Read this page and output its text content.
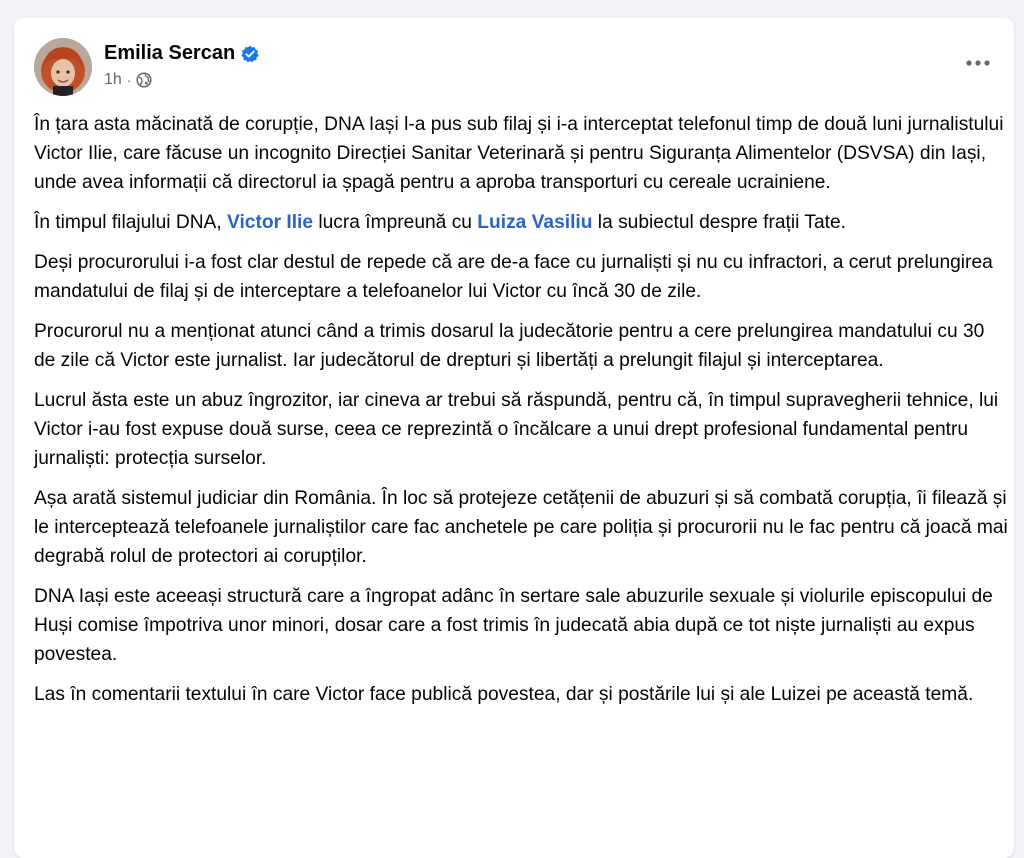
Emilia Sercan
1h ·

În țara asta măcinată de corupție, DNA Iași l-a pus sub filaj și i-a interceptat telefonul timp de două luni jurnalistului Victor Ilie, care făcuse un incognito Direcției Sanitar Veterinară și pentru Siguranța Alimentelor (DSVSA) din Iași, unde avea informații că directorul ia șpagă pentru a aproba transporturi cu cereale ucrainiene.

În timpul filajului DNA, Victor Ilie lucra împreună cu Luiza Vasiliu la subiectul despre frații Tate.

Deși procurorului i-a fost clar destul de repede că are de-a face cu jurnaliști și nu cu infractori, a cerut prelungirea mandatului de filaj și de interceptare a telefoanelor lui Victor cu încă 30 de zile.

Procurorul nu a menționat atunci când a trimis dosarul la judecătorie pentru a cere prelungirea mandatului cu 30 de zile că Victor este jurnalist. Iar judecătorul de drepturi și libertăți a prelungit filajul și interceptarea.

Lucrul ăsta este un abuz îngrozitor, iar cineva ar trebui să răspundă, pentru că, în timpul supravegherii tehnice, lui Victor i-au fost expuse două surse, ceea ce reprezintă o încălcare a unui drept profesional fundamental pentru jurnaliști: protecția surselor.

Așa arată sistemul judiciar din România. În loc să protejeze cetățenii de abuzuri și să combată corupția, îi filează și le interceptează telefoanele jurnaliștilor care fac anchetele pe care poliția și procurorii nu le fac pentru că joacă mai degrabă rolul de protectori ai corupților.

DNA Iași este aceeași structură care a îngropat adânc în sertare sale abuzurile sexuale și violurile episcopului de Huși comise împotriva unor minori, dosar care a fost trimis în judecată abia după ce tot niște jurnaliști au expus povestea.

Las în comentarii textului în care Victor face publică povestea, dar și postările lui și ale Luizei pe această temă.
